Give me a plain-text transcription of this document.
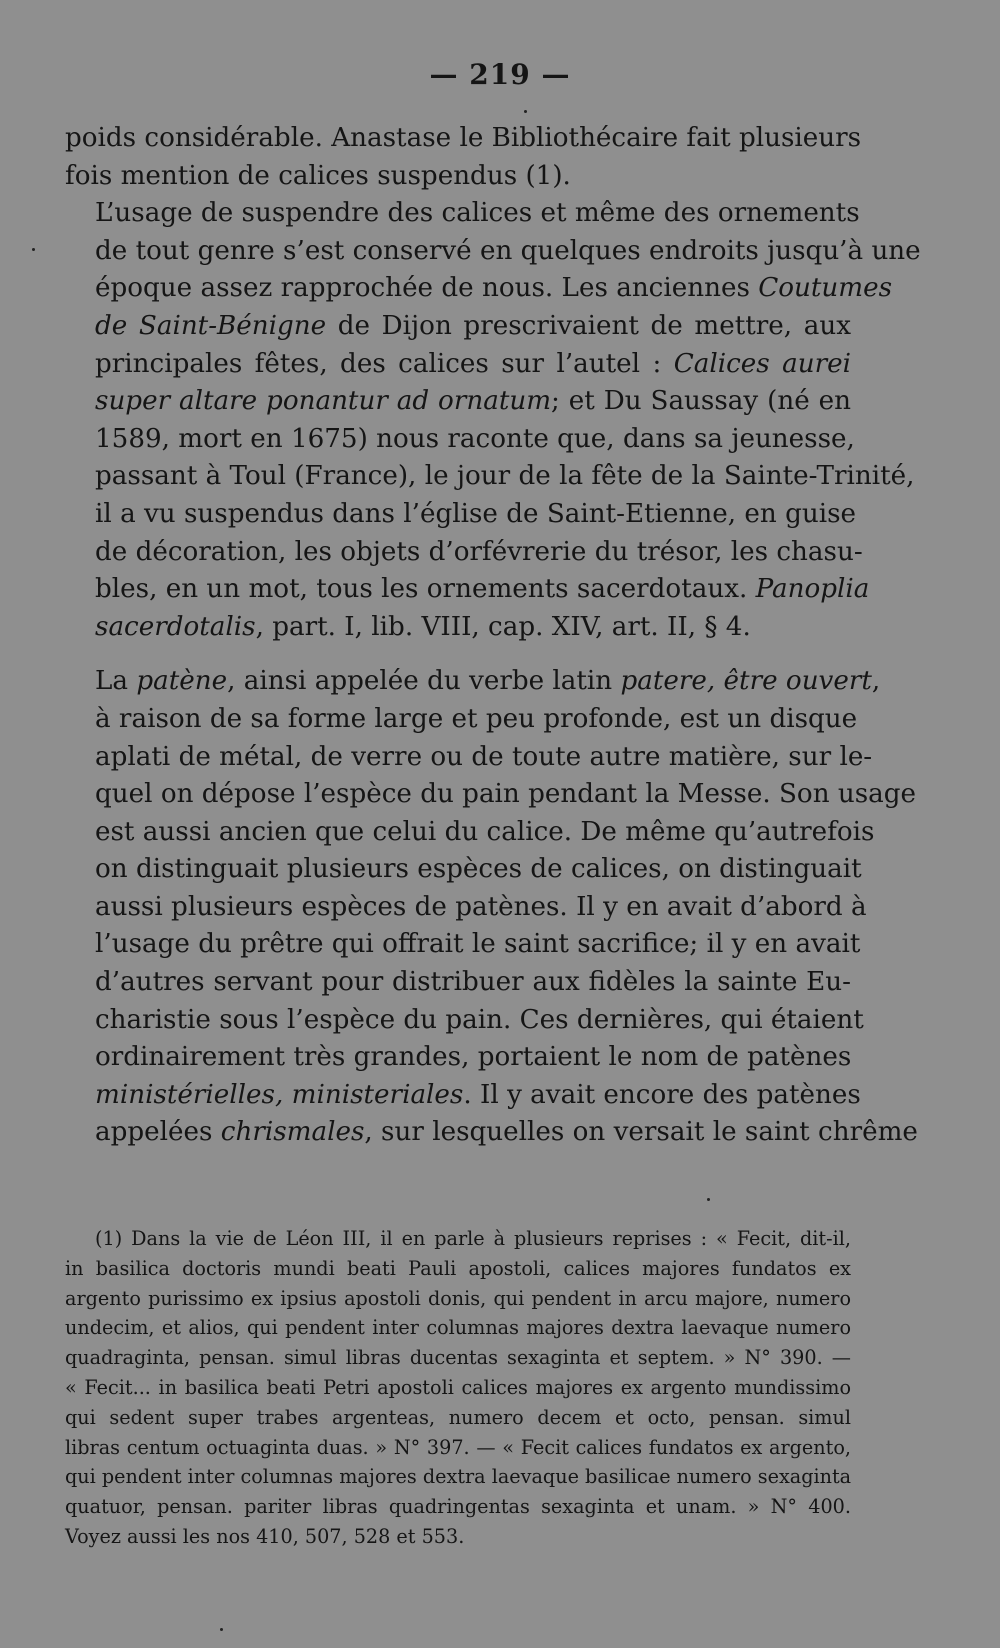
— 219 —
poids considérable. Anastase le Bibliothécaire fait plusieurs
fois mention de calices suspendus (1).
L’usage de suspendre des calices et même des ornements
de tout genre s’est conservé en quelques endroits jusqu’à une
époque assez rapprochée de nous. Les anciennes Coutumes
de Saint-Bénigne de Dijon prescrivaient de mettre, aux
principales fêtes, des calices sur l’autel : Calices aurei
super altare ponantur ad ornatum; et Du Saussay (né en
1589, mort en 1675) nous raconte que, dans sa jeunesse,
passant à Toul (France), le jour de la fête de la Sainte-Trinité,
il a vu suspendus dans l’église de Saint-Etienne, en guise
de décoration, les objets d’orfévrerie du trésor, les chasu-
bles, en un mot, tous les ornements sacerdotaux. Panoplia
sacerdotalis, part. I, lib. VIII, cap. XIV, art. II, § 4.
La patène, ainsi appelée du verbe latin patere, être ouvert,
à raison de sa forme large et peu profonde, est un disque
aplati de métal, de verre ou de toute autre matière, sur le-
quel on dépose l’espèce du pain pendant la Messe. Son usage
est aussi ancien que celui du calice. De même qu’autrefois
on distinguait plusieurs espèces de calices, on distinguait
aussi plusieurs espèces de patènes. Il y en avait d’abord à
l’usage du prêtre qui offrait le saint sacrifice; il y en avait
d’autres servant pour distribuer aux fidèles la sainte Eu-
charistie sous l’espèce du pain. Ces dernières, qui étaient
ordinairement très grandes, portaient le nom de patènes
ministérielles, ministeriales. Il y avait encore des patènes
appelées chrismales, sur lesquelles on versait le saint chrême
(1) Dans la vie de Léon III, il en parle à plusieurs reprises : « Fecit, dit-il,
in basilica doctoris mundi beati Pauli apostoli, calices majores fundatos ex
argento purissimo ex ipsius apostoli donis, qui pendent in arcu majore, numero
undecim, et alios, qui pendent inter columnas majores dextra laevaque numero
quadraginta, pensan. simul libras ducentas sexaginta et septem. » N° 390. —
« Fecit... in basilica beati Petri apostoli calices majores ex argento mundissimo
qui sedent super trabes argenteas, numero decem et octo, pensan. simul
libras centum octuaginta duas. » N° 397. — « Fecit calices fundatos ex argento,
qui pendent inter columnas majores dextra laevaque basilicae numero sexaginta
quatuor, pensan. pariter libras quadringentas sexaginta et unam. » N° 400.
Voyez aussi les nos 410, 507, 528 et 553.
